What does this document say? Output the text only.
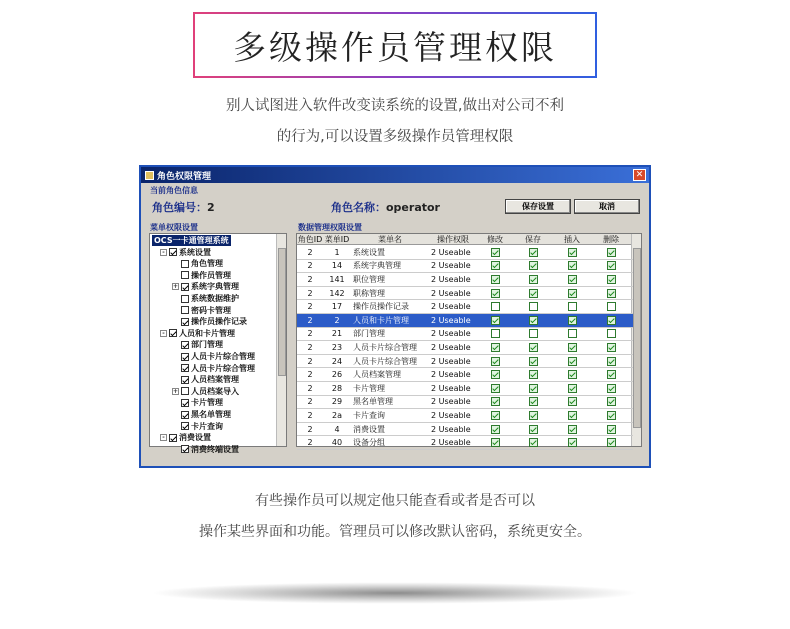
多级操作员管理权限
别人试图进入软件改变读系统的设置,做出对公司不利
的行为,可以设置多级操作员管理权限
角色权限管理	✕
当前角色信息
角色编号：2	角色名称：operator	保存设置	取消
菜单权限设置	数据管理权限设置
OCS一卡通管理系统
- 系统设置
角色管理
操作员管理
+ 系统字典管理
系统数据维护
密码卡管理
操作员操作记录
- 人员和卡片管理
部门管理
人员卡片综合管理
人员卡片综合管理
人员档案管理
+ 人员档案导入
卡片管理
黑名单管理
卡片查询
- 消费设置
消费终端设置
角色ID 菜单ID	菜单名	操作权限	修改	保存	插入	删除
2	1	系统设置	2 Useable
2	14	系统字典管理	2 Useable
2	141	职位管理	2 Useable
2	142	职称管理	2 Useable
2	17	操作员操作记录	2 Useable
2	2	人员和卡片管理	2 Useable
2	21	部门管理	2 Useable
2	23	人员卡片综合管理	2 Useable
2	24	人员卡片综合管理	2 Useable
2	26	人员档案管理	2 Useable
2	28	卡片管理	2 Useable
2	29	黑名单管理	2 Useable
2	2a	卡片查询	2 Useable
2	4	消费设置	2 Useable
2	40	设备分组	2 Useable
有些操作员可以规定他只能查看或者是否可以
操作某些界面和功能。管理员可以修改默认密码，系统更安全。
